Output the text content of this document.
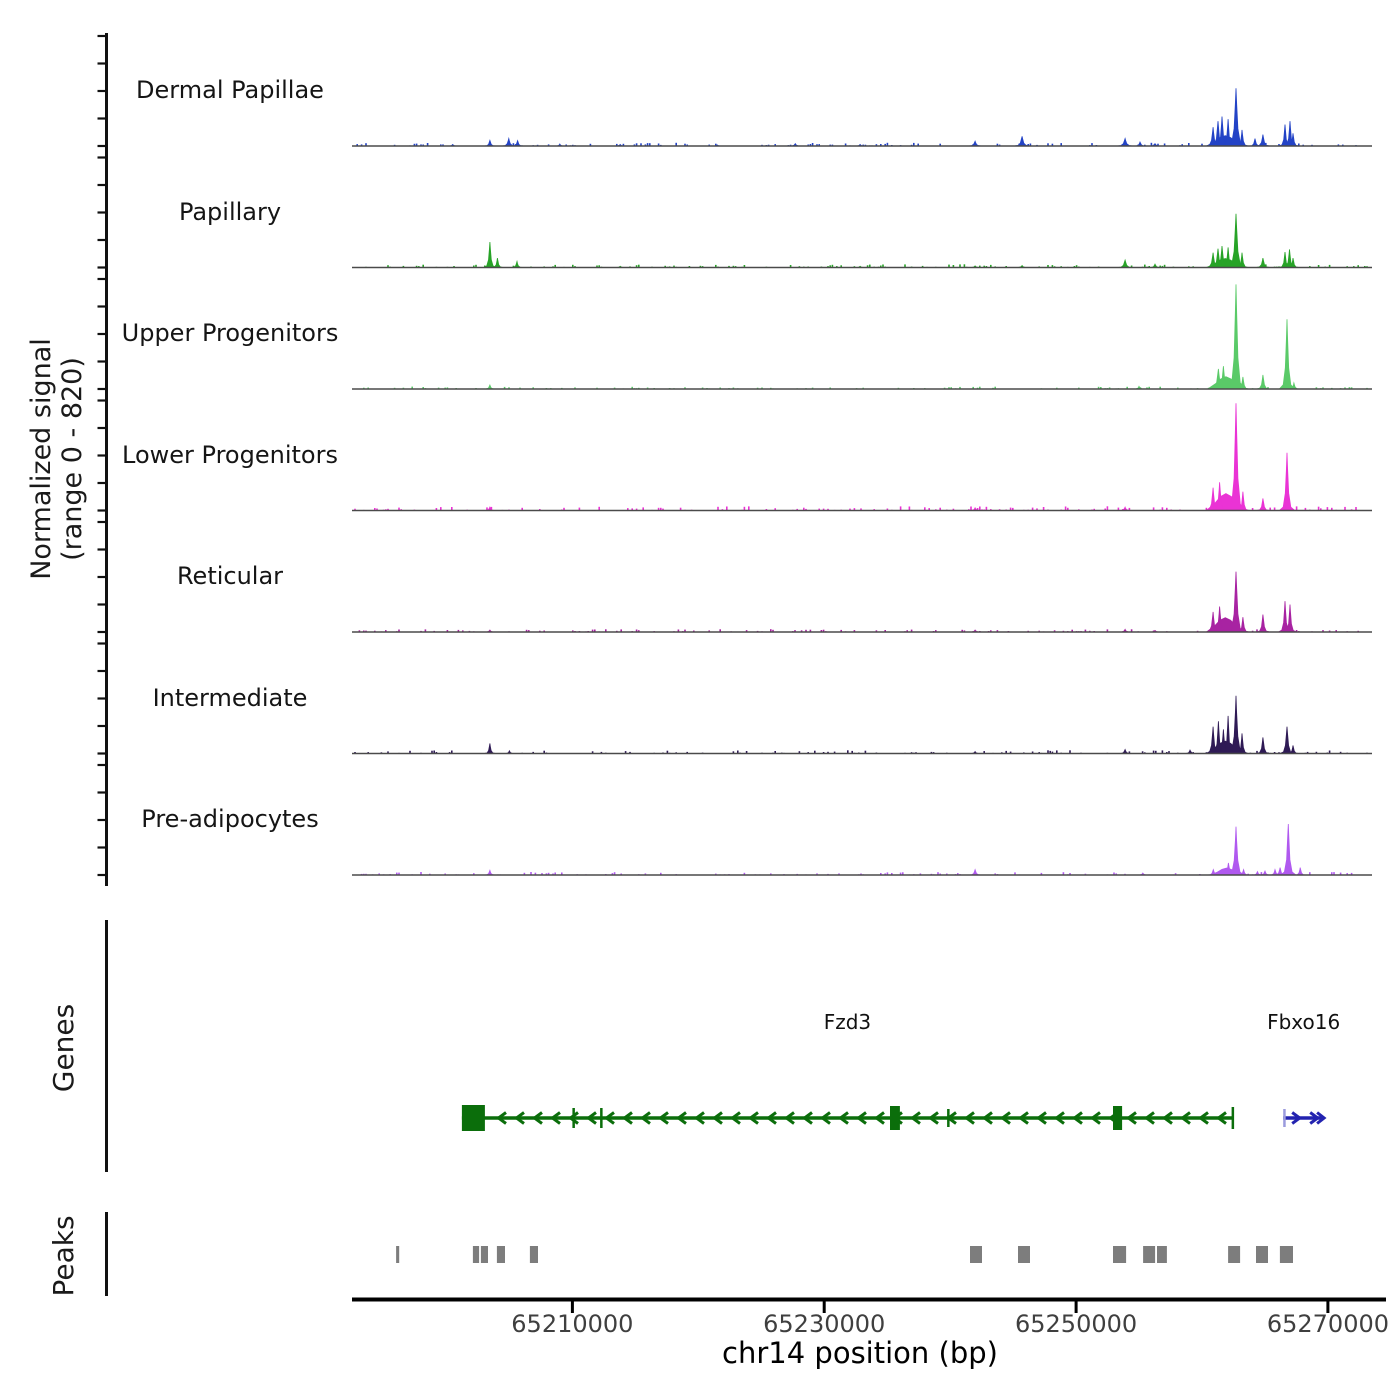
Normalized signal (range 0 - 820)
Genes
Peaks
chr14 position (bp)
Dermal Papillae
Papillary
Upper Progenitors
Lower Progenitors
Reticular
Intermediate
Pre-adipocytes
Fzd3	Fbxo16
65210000	65230000	65250000	65270000
